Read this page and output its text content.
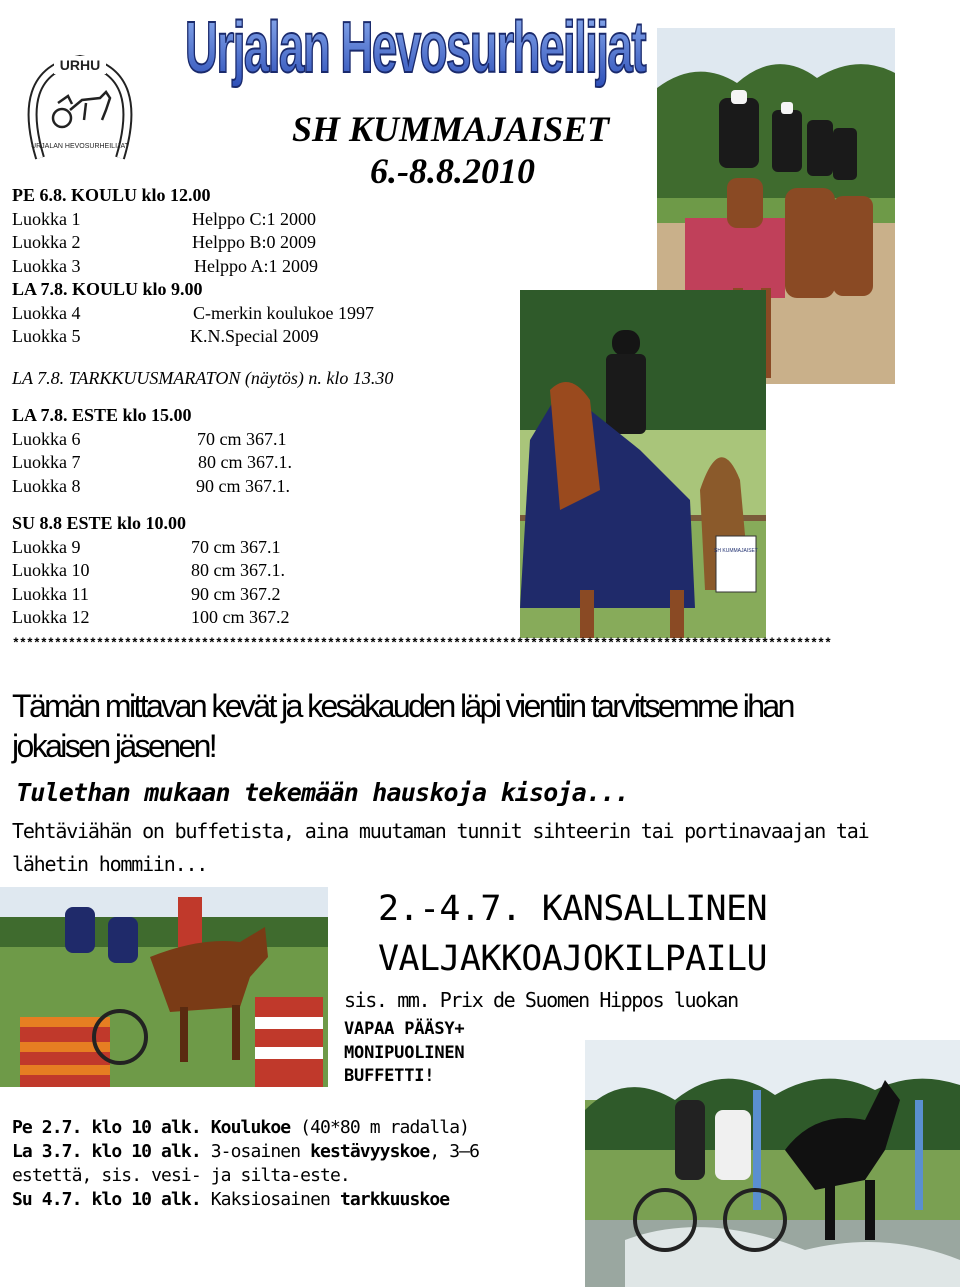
Urjalan Hevosurheilijat
URHU
URJALAN HEVOSURHEILIJAT	SH KUMMAJAISET
6.-8.8.2010
PE 6.8. KOULU klo 12.00
Luokka 1	Helppo C:1 2000
Luokka 2	Helppo B:0 2009
Luokka 3	Helppo A:1 2009
LA 7.8. KOULU klo 9.00
Luokka 4	C-merkin koulukoe 1997
Luokka 5	K.N.Special 2009
LA 7.8. TARKKUUSMARATON (näytös) n. klo 13.30
LA 7.8. ESTE klo 15.00
Luokka 6	70 cm 367.1
Luokka 7	80 cm 367.1.
Luokka 8	90 cm 367.1.
SU 8.8 ESTE klo 10.00
Luokka 9	70 cm 367.1
Luokka 10	80 cm 367.1.
Luokka 11	90 cm 367.2
Luokka 12	100 cm 367.2
SH KUMMAJAISET
*********************************************************************************************************************
Tämän mittavan kevät ja kesäkauden läpi vientiin tarvitsemme ihan jokaisen jäsenen!
Tulethan mukaan tekemään hauskoja kisoja...
Tehtäviähän on buffetista, aina muutaman tunnit sihteerin tai portinavaajan tai lähetin hommiin...
2.-4.7. KANSALLINEN
VALJAKKOAJOKILPAILU
sis. mm. Prix de Suomen Hippos luokan
VAPAA PÄÄSY+
MONIPUOLINEN
BUFFETTI!
Pe 2.7. klo 10 alk. Koulukoe (40*80 m radalla)
La 3.7. klo 10 alk. 3-osainen kestävyyskoe, 3–6
estettä, sis. vesi- ja silta-este.
Su 4.7. klo 10 alk. Kaksiosainen tarkkuuskoe
